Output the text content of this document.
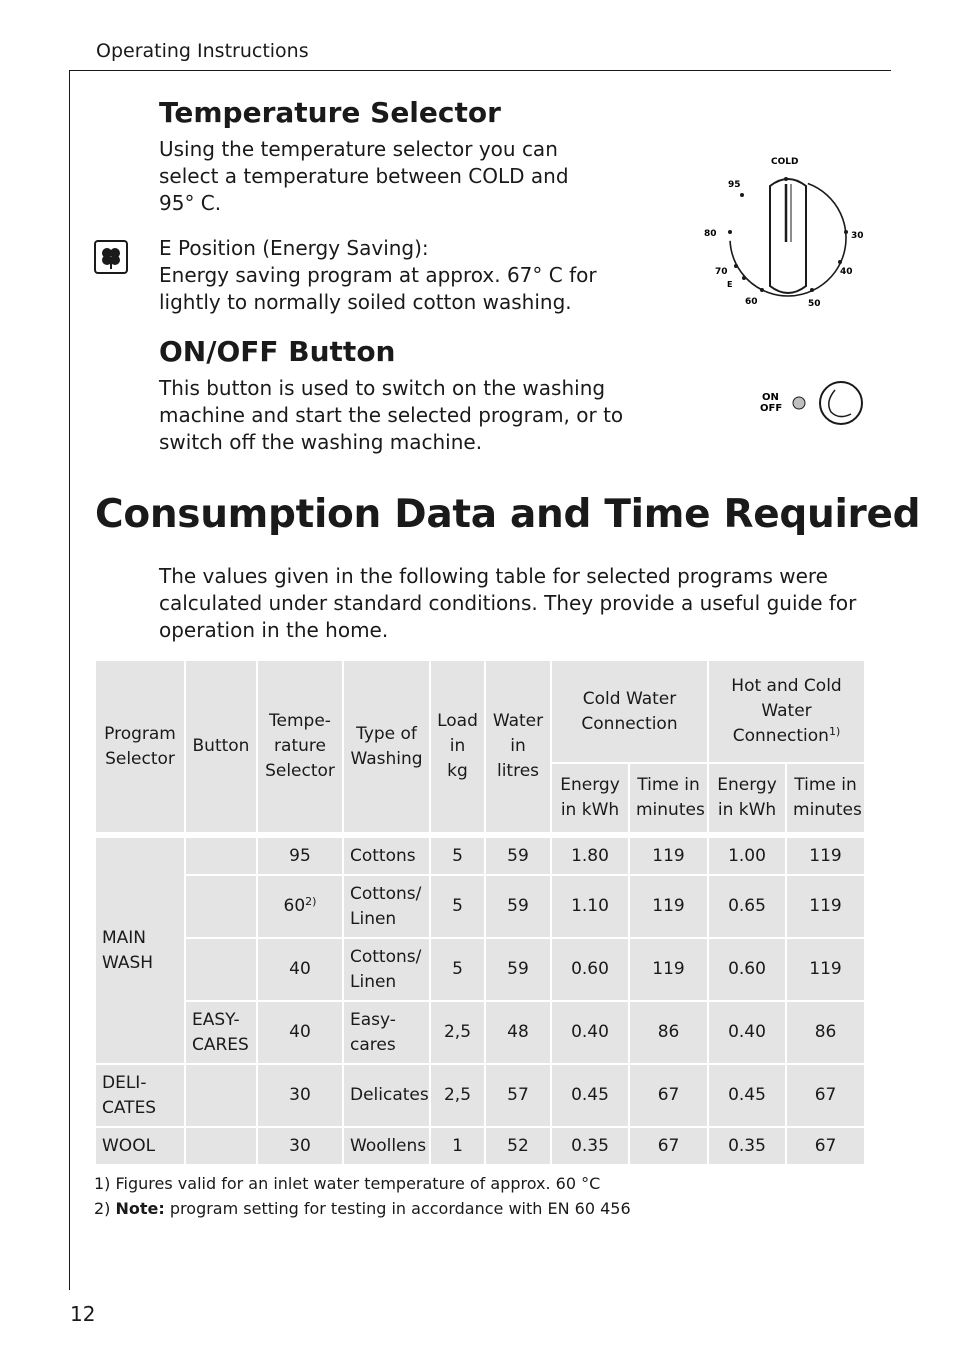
Operating Instructions
Temperature Selector

Using the temperature selector you can select a temperature between COLD and 95° C.

E Position (Energy Saving):
Energy saving program at approx. 67° C for lightly to normally soiled cotton washing.
COLD
95
80
70
E
60	50
40
30
ON/OFF Button

This button is used to switch on the washing machine and start the selected program, or to switch off the washing machine.

ON
OFF
Consumption Data and Time Required

The values given in the following table for selected programs were calculated under standard conditions. They provide a useful guide for operation in the home.

Program Selector	Button	Tempe- rature Selector	Type of Washing	Load in kg	Water in litres	Cold Water Connection		Hot and Cold Water Connection$^{1)}$
						Energy in kWh	Time in minutes	Energy in kWh	Time in minutes

MAIN WASH		95	Cottons	5	59	1.80	119	1.00	119
		60$^{2)}$	Cottons/ Linen	5	59	1.10	119	0.65	119
		40	Cottons/ Linen	5	59	0.60	119	0.60	119
	EASY- CARES	40	Easy- cares	2,5	48	0.40	86	0.40	86
DELI- CATES		30	Delicates	2,5	57	0.45	67	0.45	67
WOOL		30	Woollens	1	52	0.35	67	0.35	67
1) Figures valid for an inlet water temperature of approx. 60 °C
2) Note: program setting for testing in accordance with EN 60 456
12
